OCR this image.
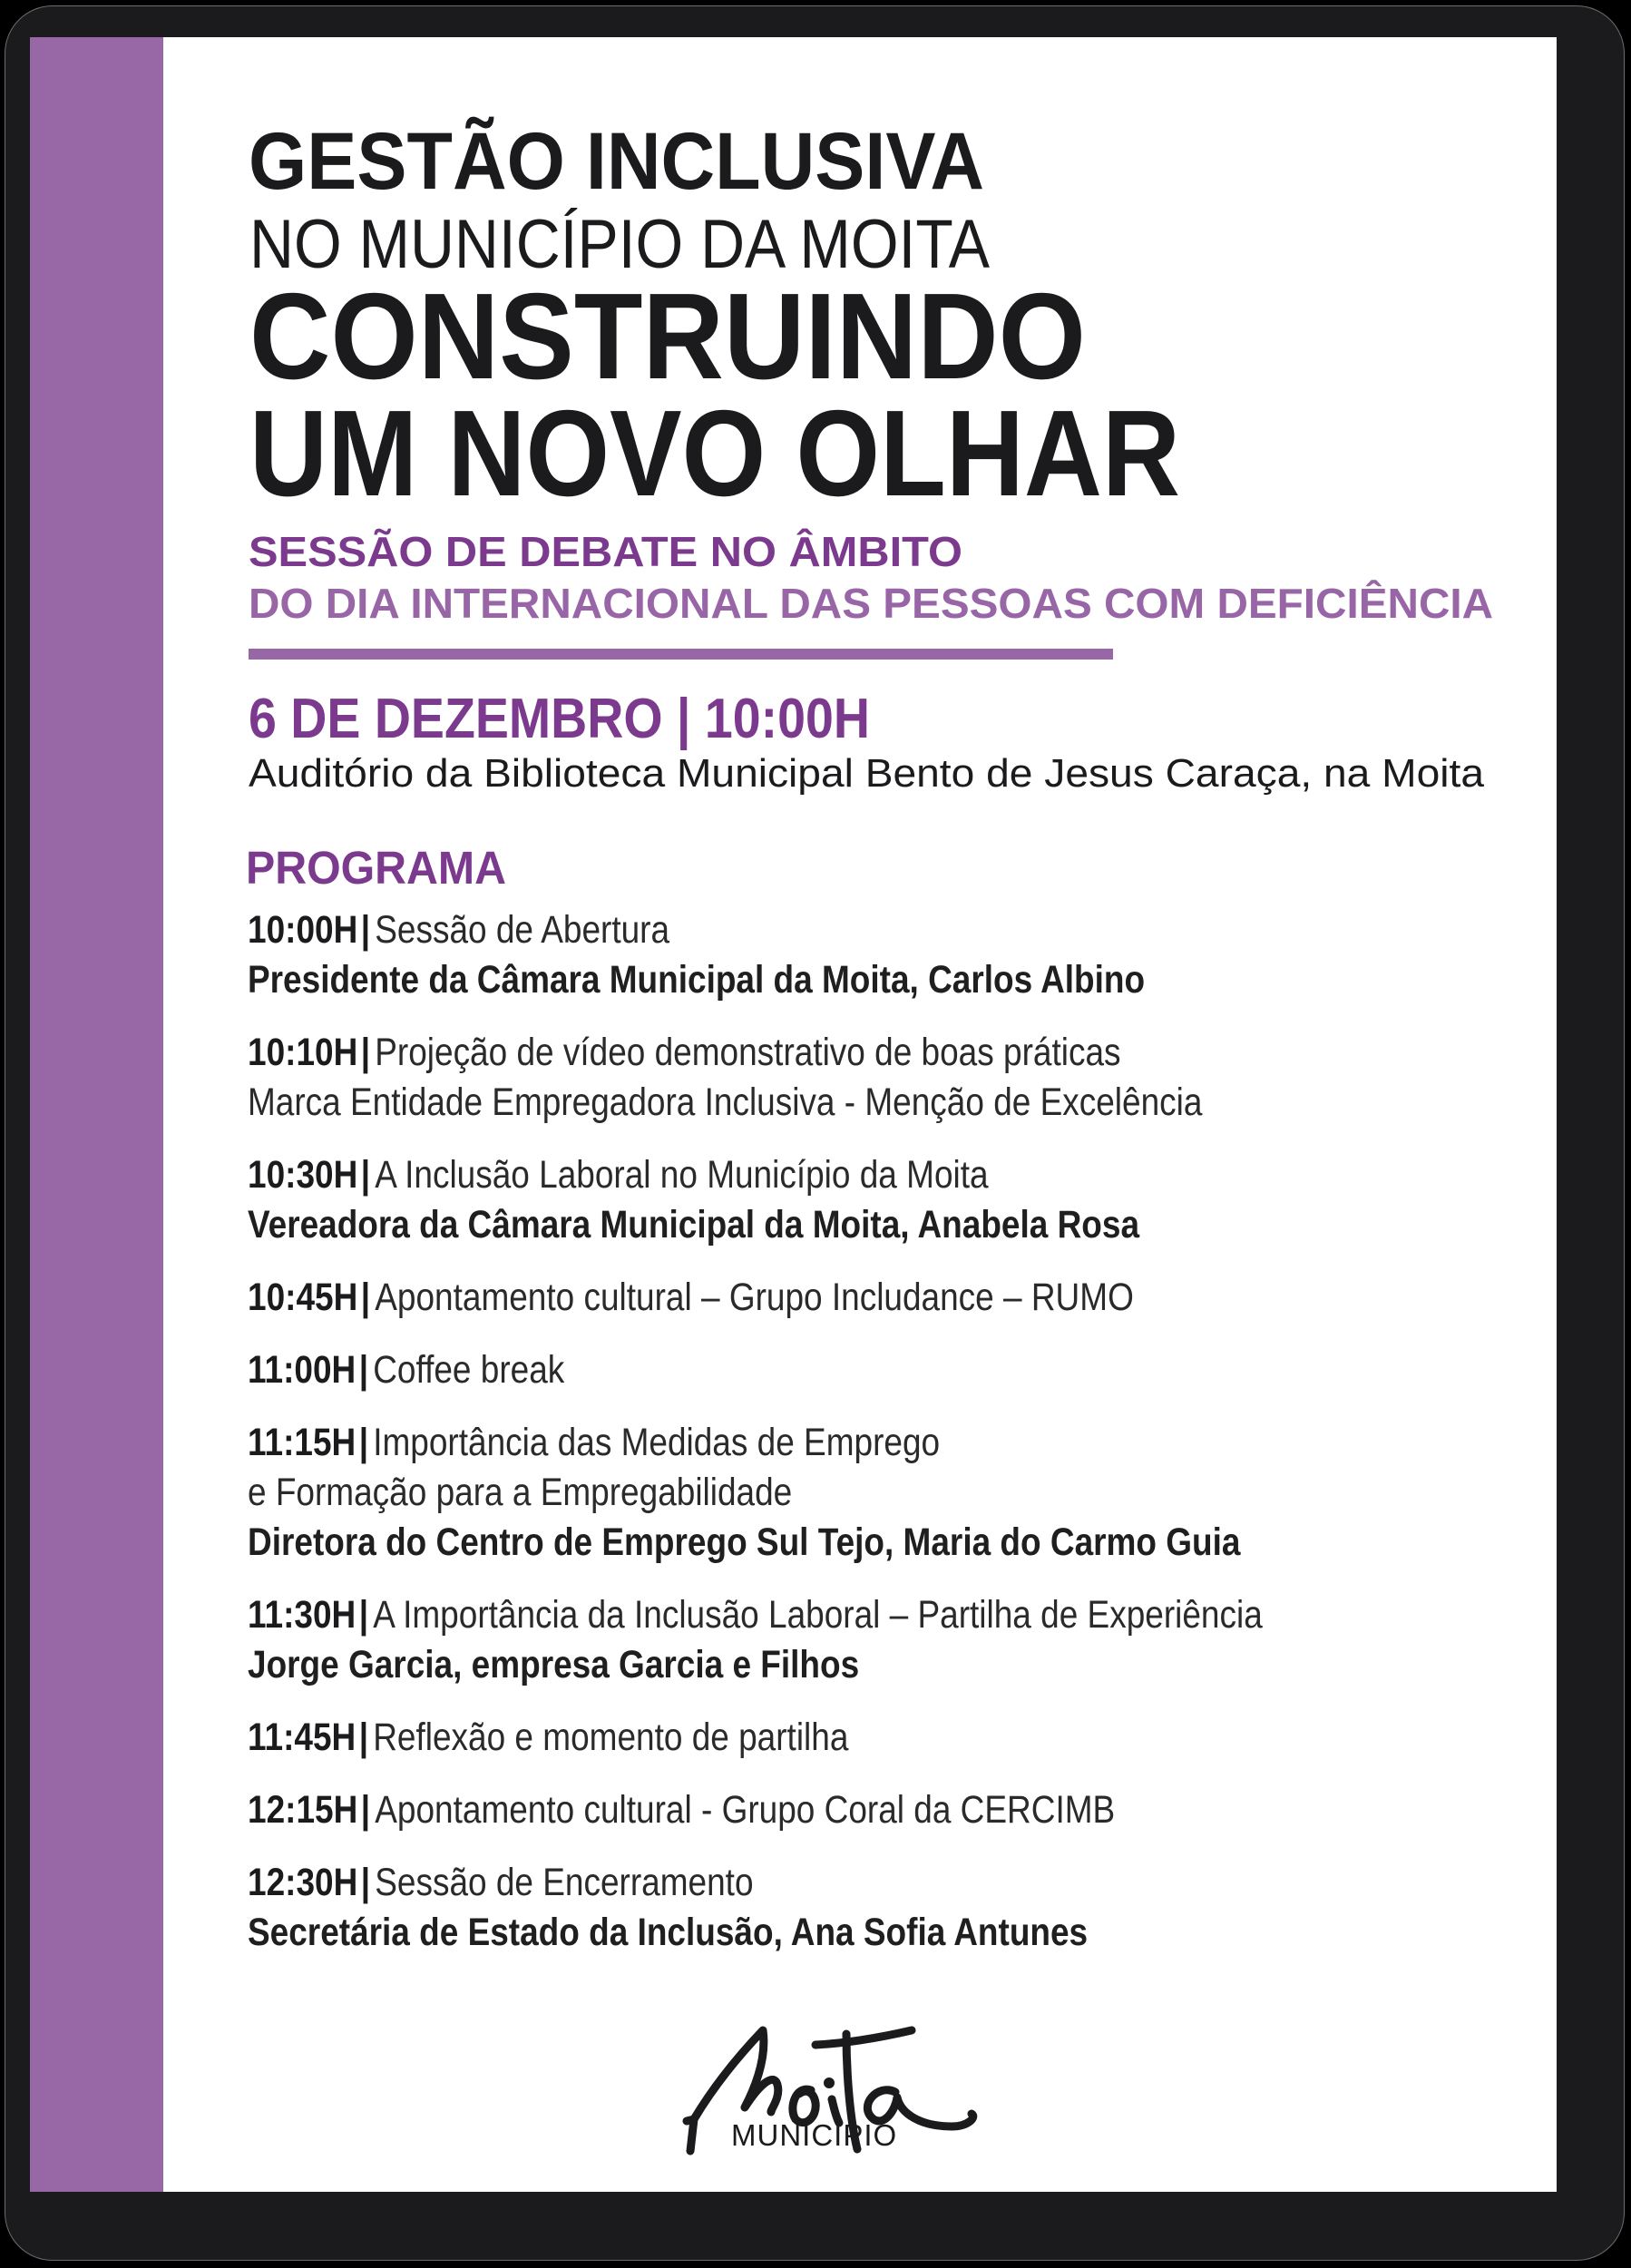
GESTÃO INCLUSIVA
NO MUNICÍPIO DA MOITA
CONSTRUINDO
UM NOVO OLHAR
SESSÃO DE DEBATE NO ÂMBITO
DO DIA INTERNACIONAL DAS PESSOAS COM DEFICIÊNCIA
6 DE DEZEMBRO | 10:00H
Auditório da Biblioteca Municipal Bento de Jesus Caraça, na Moita
PROGRAMA
10:00H| Sessão de Abertura
Presidente da Câmara Municipal da Moita, Carlos Albino
10:10H| Projeção de vídeo demonstrativo de boas práticas
Marca Entidade Empregadora Inclusiva - Menção de Excelência
10:30H| A Inclusão Laboral no Município da Moita
Vereadora da Câmara Municipal da Moita, Anabela Rosa
10:45H| Apontamento cultural – Grupo Includance – RUMO
11:00H| Coffee break
11:15H| Importância das Medidas de Emprego
e Formação para a Empregabilidade
Diretora do Centro de Emprego Sul Tejo, Maria do Carmo Guia
11:30H| A Importância da Inclusão Laboral – Partilha de Experiência
Jorge Garcia, empresa Garcia e Filhos
11:45H| Reflexão e momento de partilha
12:15H| Apontamento cultural - Grupo Coral da CERCIMB
12:30H| Sessão de Encerramento
Secretária de Estado da Inclusão, Ana Sofia Antunes
MUNICÍPIO
